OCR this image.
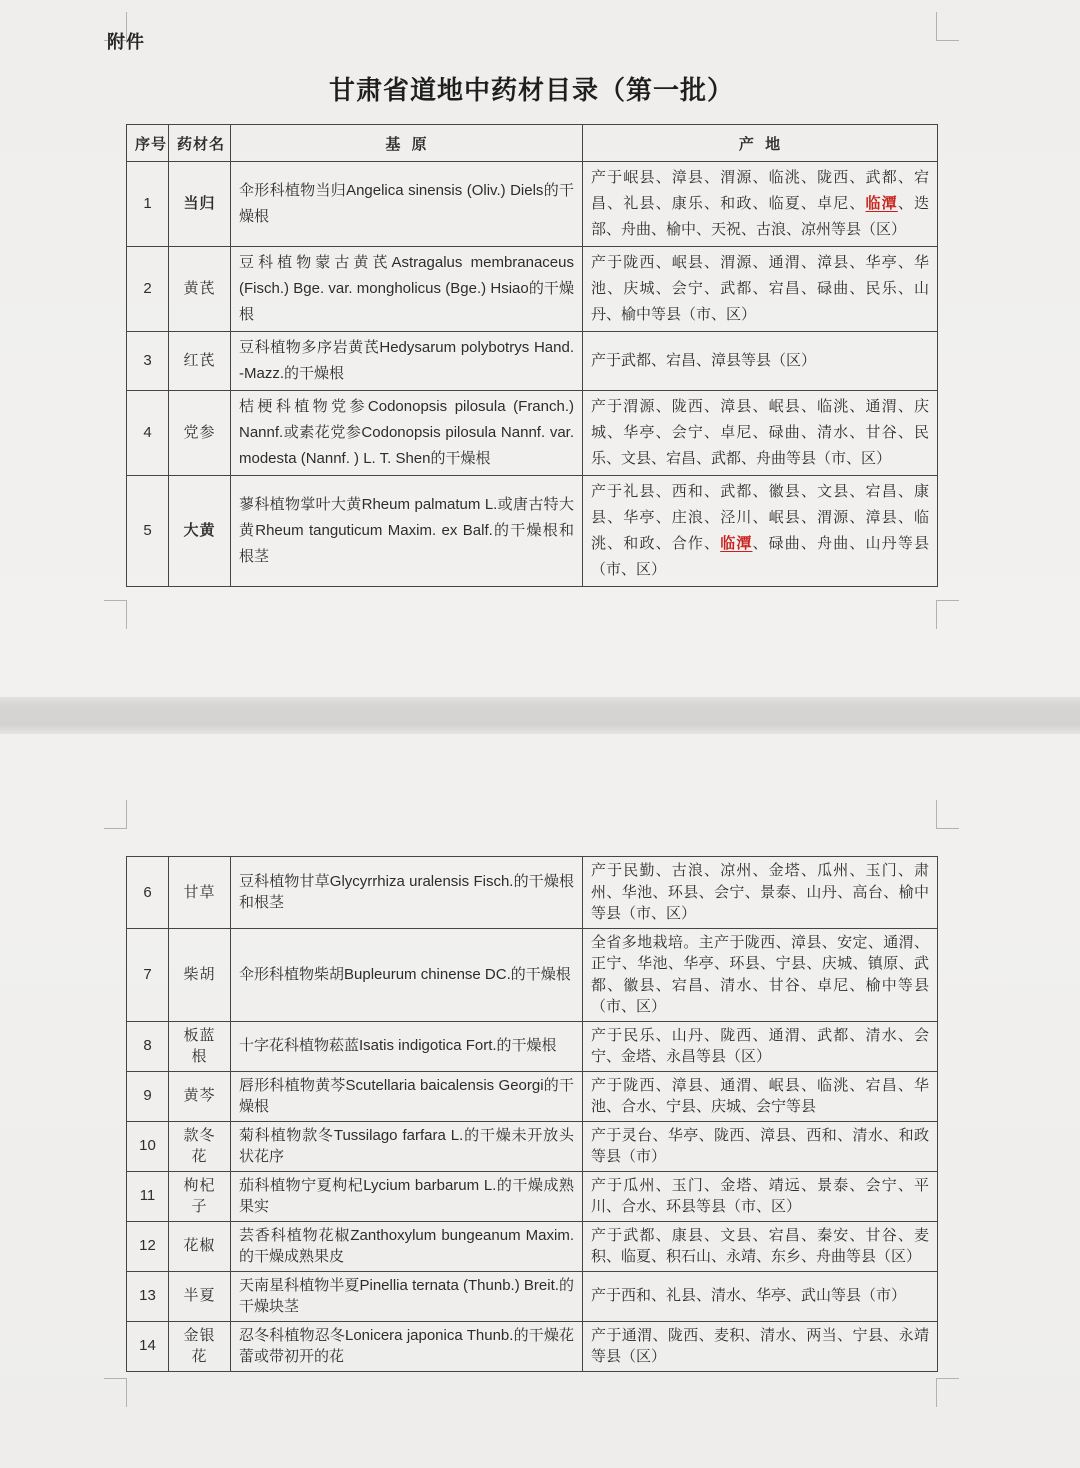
附件
甘肃省道地中药材目录（第一批）
序号	药材名	基  原	产  地
1	当归	伞形科植物当归Angelica sinensis (Oliv.) Diels的干燥根	产于岷县、漳县、渭源、临洮、陇西、武都、宕昌、礼县、康乐、和政、临夏、卓尼、临潭、迭部、舟曲、榆中、天祝、古浪、凉州等县（区）
2	黄芪	豆科植物蒙古黄芪Astragalus membranaceus (Fisch.) Bge. var. mongholicus (Bge.) Hsiao的干燥根	产于陇西、岷县、渭源、通渭、漳县、华亭、华池、庆城、会宁、武都、宕昌、碌曲、民乐、山丹、榆中等县（市、区）
3	红芪	豆科植物多序岩黄芪Hedysarum polybotrys Hand. -Mazz.的干燥根	产于武都、宕昌、漳县等县（区）
4	党参	桔梗科植物党参Codonopsis pilosula (Franch.) Nannf.或素花党参Codonopsis pilosula Nannf. var. modesta (Nannf. ) L. T. Shen的干燥根	产于渭源、陇西、漳县、岷县、临洮、通渭、庆城、华亭、会宁、卓尼、碌曲、清水、甘谷、民乐、文县、宕昌、武都、舟曲等县（市、区）
5	大黄	蓼科植物掌叶大黄Rheum palmatum L.或唐古特大黄Rheum tanguticum Maxim. ex Balf.的干燥根和根茎	产于礼县、西和、武都、徽县、文县、宕昌、康县、华亭、庄浪、泾川、岷县、渭源、漳县、临洮、和政、合作、临潭、碌曲、舟曲、山丹等县（市、区）
6	甘草	豆科植物甘草Glycyrrhiza uralensis Fisch.的干燥根和根茎	产于民勤、古浪、凉州、金塔、瓜州、玉门、肃州、华池、环县、会宁、景泰、山丹、高台、榆中等县（市、区）
7	柴胡	伞形科植物柴胡Bupleurum chinense DC.的干燥根	全省多地栽培。主产于陇西、漳县、安定、通渭、正宁、华池、华亭、环县、宁县、庆城、镇原、武都、徽县、宕昌、清水、甘谷、卓尼、榆中等县（市、区）
8	板蓝根	十字花科植物菘蓝Isatis indigotica Fort.的干燥根	产于民乐、山丹、陇西、通渭、武都、清水、会宁、金塔、永昌等县（区）
9	黄芩	唇形科植物黄芩Scutellaria baicalensis Georgi的干燥根	产于陇西、漳县、通渭、岷县、临洮、宕昌、华池、合水、宁县、庆城、会宁等县
10	款冬花	菊科植物款冬Tussilago farfara L.的干燥未开放头状花序	产于灵台、华亭、陇西、漳县、西和、清水、和政等县（市）
11	枸杞子	茄科植物宁夏枸杞Lycium barbarum L.的干燥成熟果实	产于瓜州、玉门、金塔、靖远、景泰、会宁、平川、合水、环县等县（市、区）
12	花椒	芸香科植物花椒Zanthoxylum bungeanum Maxim.的干燥成熟果皮	产于武都、康县、文县、宕昌、秦安、甘谷、麦积、临夏、积石山、永靖、东乡、舟曲等县（区）
13	半夏	天南星科植物半夏Pinellia ternata (Thunb.) Breit.的干燥块茎	产于西和、礼县、清水、华亭、武山等县（市）
14	金银花	忍冬科植物忍冬Lonicera japonica Thunb.的干燥花蕾或带初开的花	产于通渭、陇西、麦积、清水、两当、宁县、永靖等县（区）
